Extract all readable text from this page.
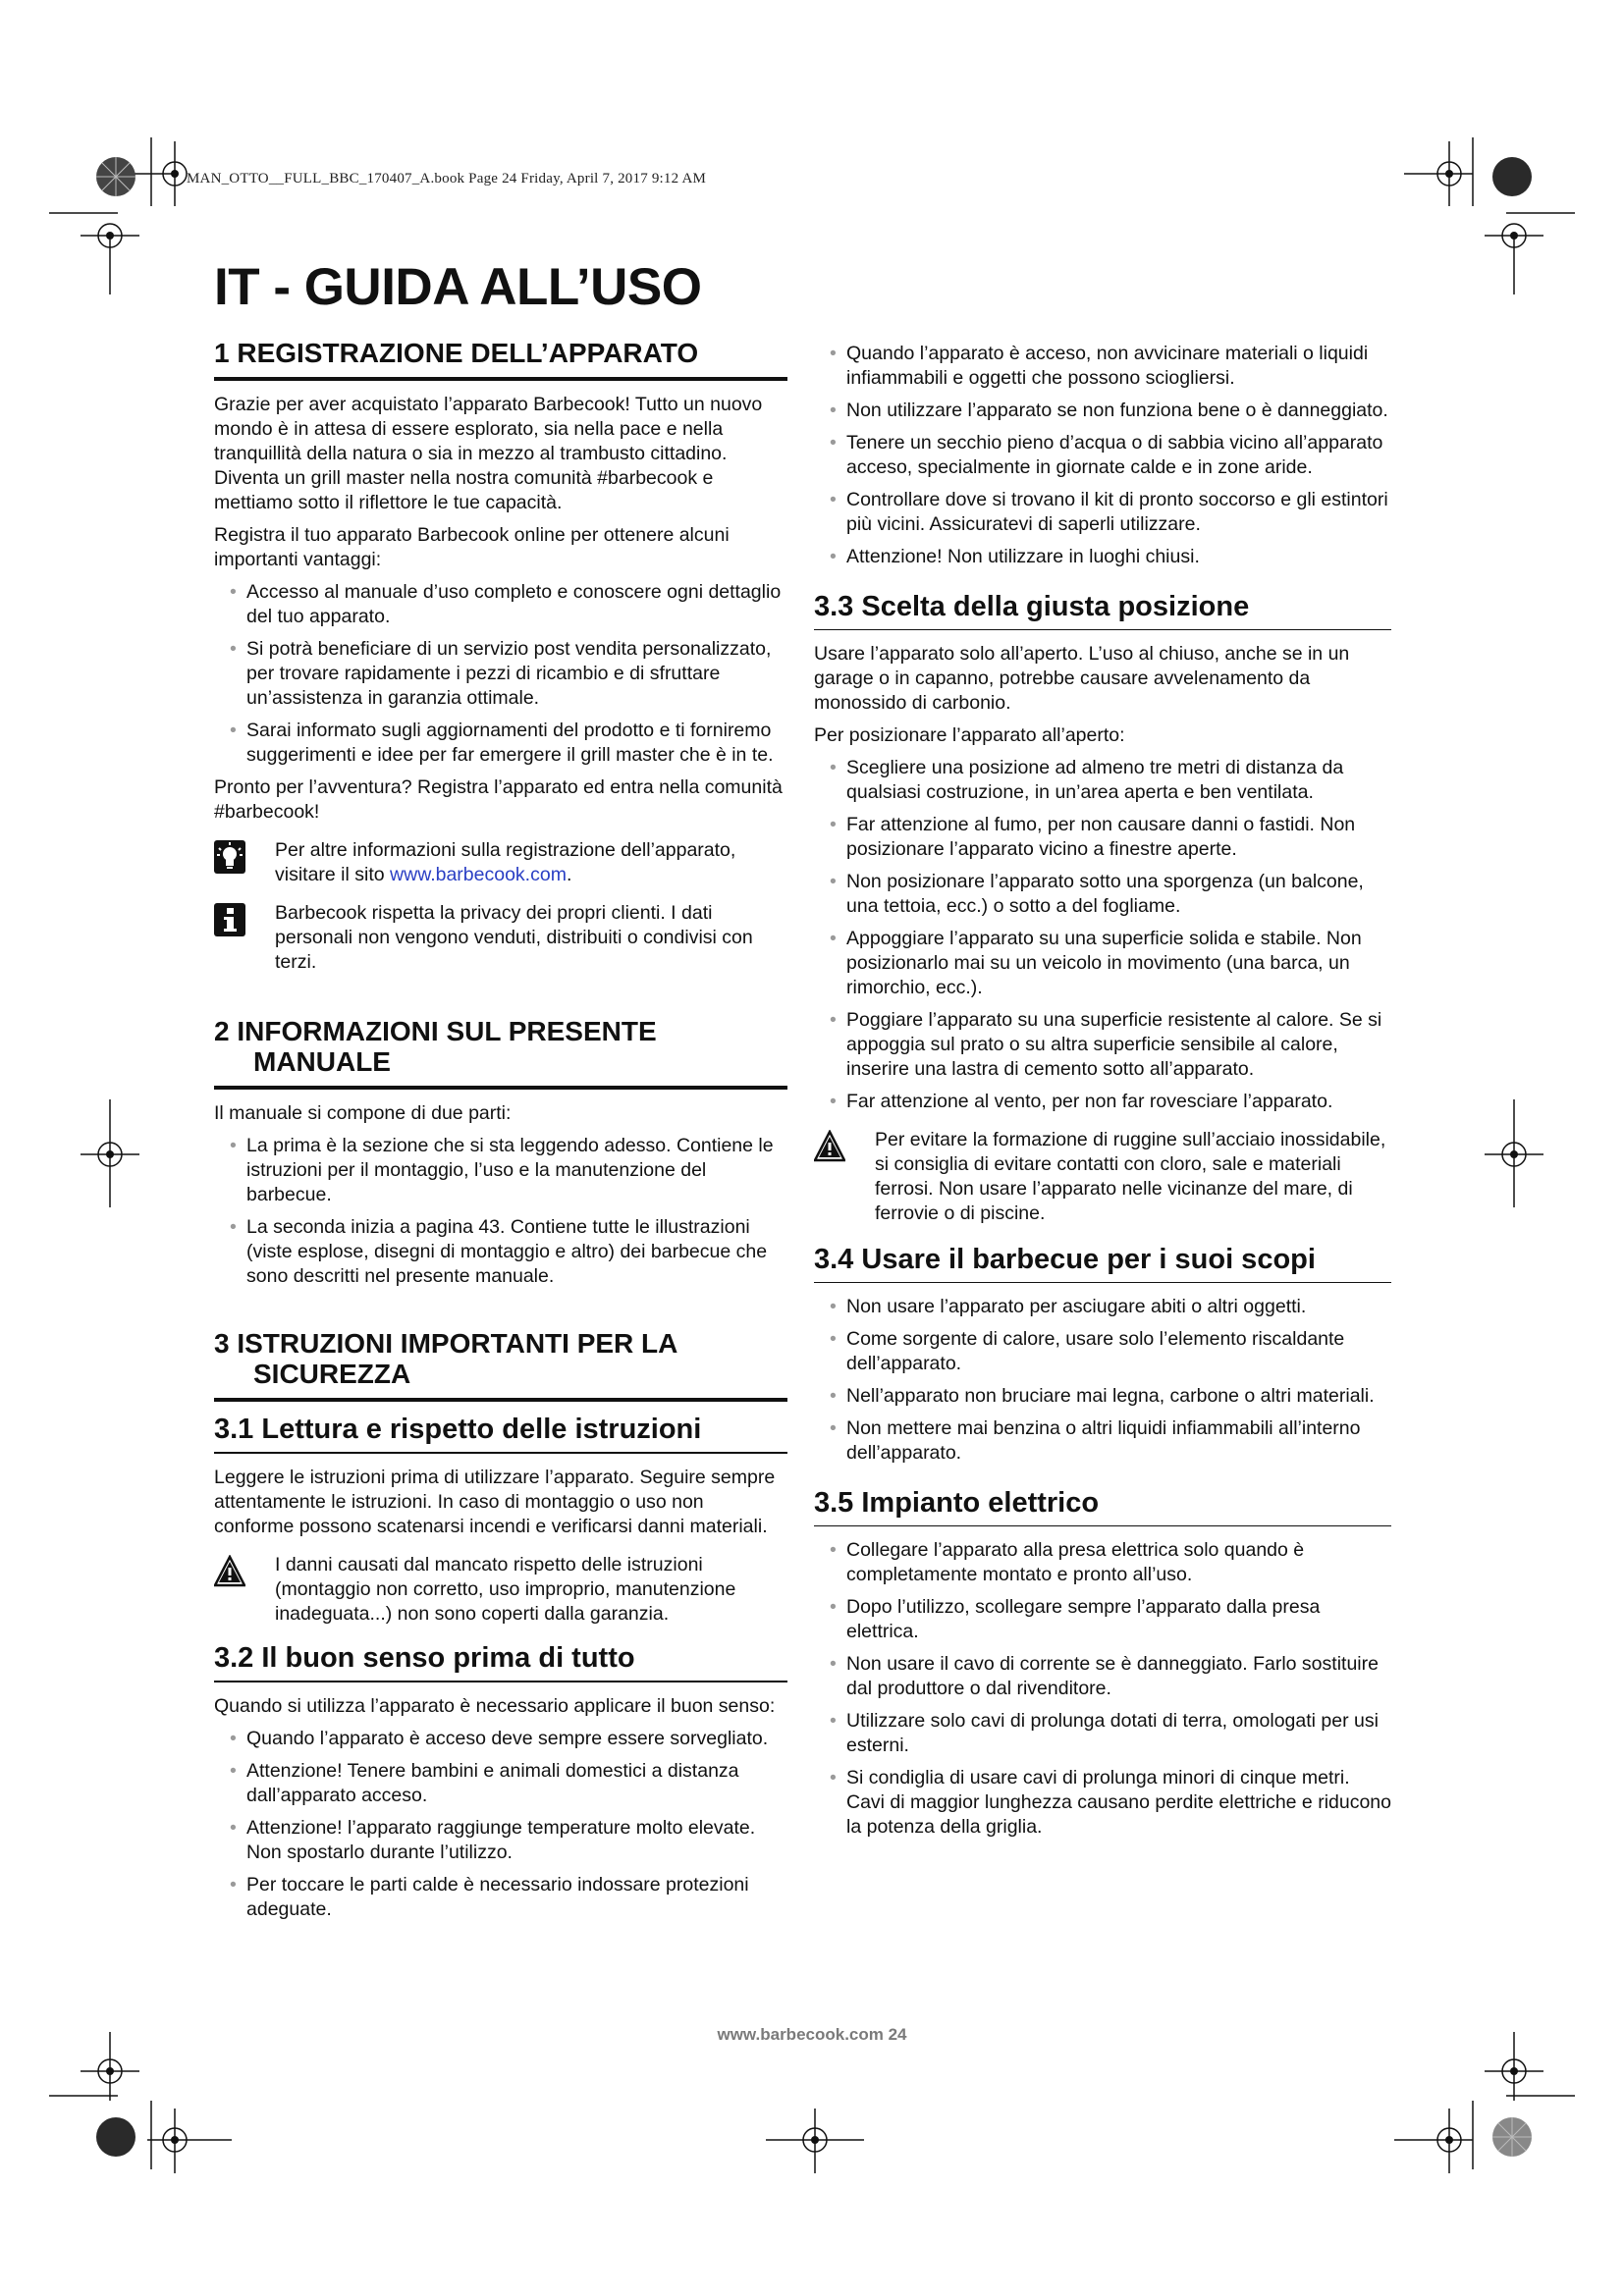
MAN_OTTO__FULL_BBC_170407_A.book Page 24 Friday, April 7, 2017 9:12 AM
IT - GUIDA ALL’USO
1 REGISTRAZIONE DELL’APPARATO

Grazie per aver acquistato l’apparato Barbecook! Tutto un nuovo mondo è in attesa di essere esplorato, sia nella pace e nella tranquillità della natura o sia in mezzo al trambusto cittadino. Diventa un grill master nella nostra comunità #barbecook e mettiamo sotto il riflettore le tue capacità.

Registra il tuo apparato Barbecook online per ottenere alcuni importanti vantaggi:

• Accesso al manuale d’uso completo e conoscere ogni dettaglio del tuo apparato.
• Si potrà beneficiare di un servizio post vendita personalizzato, per trovare rapidamente i pezzi di ricambio e di sfruttare un’assistenza in garanzia ottimale.
• Sarai informato sugli aggiornamenti del prodotto e ti forniremo suggerimenti e idee per far emergere il grill master che è in te.

Pronto per l’avventura? Registra l’apparato ed entra nella comunità #barbecook!

Per altre informazioni sulla registrazione dell’apparato, visitare il sito www.barbecook.com.
Barbecook rispetta la privacy dei propri clienti. I dati personali non vengono venduti, distribuiti o condivisi con terzi.
2 INFORMAZIONI SUL PRESENTE MANUALE

Il manuale si compone di due parti:

• La prima è la sezione che si sta leggendo adesso. Contiene le istruzioni per il montaggio, l’uso e la manutenzione del barbecue.
• La seconda inizia a pagina 43. Contiene tutte le illustrazioni (viste esplose, disegni di montaggio e altro) dei barbecue che sono descritti nel presente manuale.
3 ISTRUZIONI IMPORTANTI PER LA SICUREZZA
3.1 Lettura e rispetto delle istruzioni

Leggere le istruzioni prima di utilizzare l’apparato. Seguire sempre attentamente le istruzioni. In caso di montaggio o uso non conforme possono scatenarsi incendi e verificarsi danni materiali.

I danni causati dal mancato rispetto delle istruzioni (montaggio non corretto, uso improprio, manutenzione inadeguata...) non sono coperti dalla garanzia.
3.2 Il buon senso prima di tutto

Quando si utilizza l’apparato è necessario applicare il buon senso:

• Quando l’apparato è acceso deve sempre essere sorvegliato.
• Attenzione! Tenere bambini e animali domestici a distanza dall’apparato acceso.
• Attenzione! l’apparato raggiunge temperature molto elevate. Non spostarlo durante l’utilizzo.
• Per toccare le parti calde è necessario indossare protezioni adeguate.
• Quando l’apparato è acceso, non avvicinare materiali o liquidi infiammabili e oggetti che possono sciogliersi.
• Non utilizzare l’apparato se non funziona bene o è danneggiato.
• Tenere un secchio pieno d’acqua o di sabbia vicino all’apparato acceso, specialmente in giornate calde e in zone aride.
• Controllare dove si trovano il kit di pronto soccorso e gli estintori più vicini. Assicuratevi di saperli utilizzare.
• Attenzione! Non utilizzare in luoghi chiusi.
3.3 Scelta della giusta posizione

Usare l’apparato solo all’aperto. L’uso al chiuso, anche se in un garage o in capanno, potrebbe causare avvelenamento da monossido di carbonio.

Per posizionare l’apparato all’aperto:

• Scegliere una posizione ad almeno tre metri di distanza da qualsiasi costruzione, in un’area aperta e ben ventilata.
• Far attenzione al fumo, per non causare danni o fastidi. Non posizionare l’apparato vicino a finestre aperte.
• Non posizionare l’apparato sotto una sporgenza (un balcone, una tettoia, ecc.) o sotto a del fogliame.
• Appoggiare l’apparato su una superficie solida e stabile. Non posizionarlo mai su un veicolo in movimento (una barca, un rimorchio, ecc.).
• Poggiare l’apparato su una superficie resistente al calore. Se si appoggia sul prato o su altra superficie sensibile al calore, inserire una lastra di cemento sotto all’apparato.
• Far attenzione al vento, per non far rovesciare l’apparato.
Per evitare la formazione di ruggine sull’acciaio inossidabile, si consiglia di evitare contatti con cloro, sale e materiali ferrosi. Non usare l’apparato nelle vicinanze del mare, di ferrovie o di piscine.
3.4 Usare il barbecue per i suoi scopi
• Non usare l’apparato per asciugare abiti o altri oggetti.
• Come sorgente di calore, usare solo l’elemento riscaldante dell’apparato.
• Nell’apparato non bruciare mai legna, carbone o altri materiali.
• Non mettere mai benzina o altri liquidi infiammabili all’interno dell’apparato.
3.5 Impianto elettrico
• Collegare l’apparato alla presa elettrica solo quando è completamente montato e pronto all’uso.
• Dopo l’utilizzo, scollegare sempre l’apparato dalla presa elettrica.
• Non usare il cavo di corrente se è danneggiato. Farlo sostituire dal produttore o dal rivenditore.
• Utilizzare solo cavi di prolunga dotati di terra, omologati per usi esterni.
• Si condiglia di usare cavi di prolunga minori di cinque metri. Cavi di maggior lunghezza causano perdite elettriche e riducono la potenza della griglia.
www.barbecook.com 24
